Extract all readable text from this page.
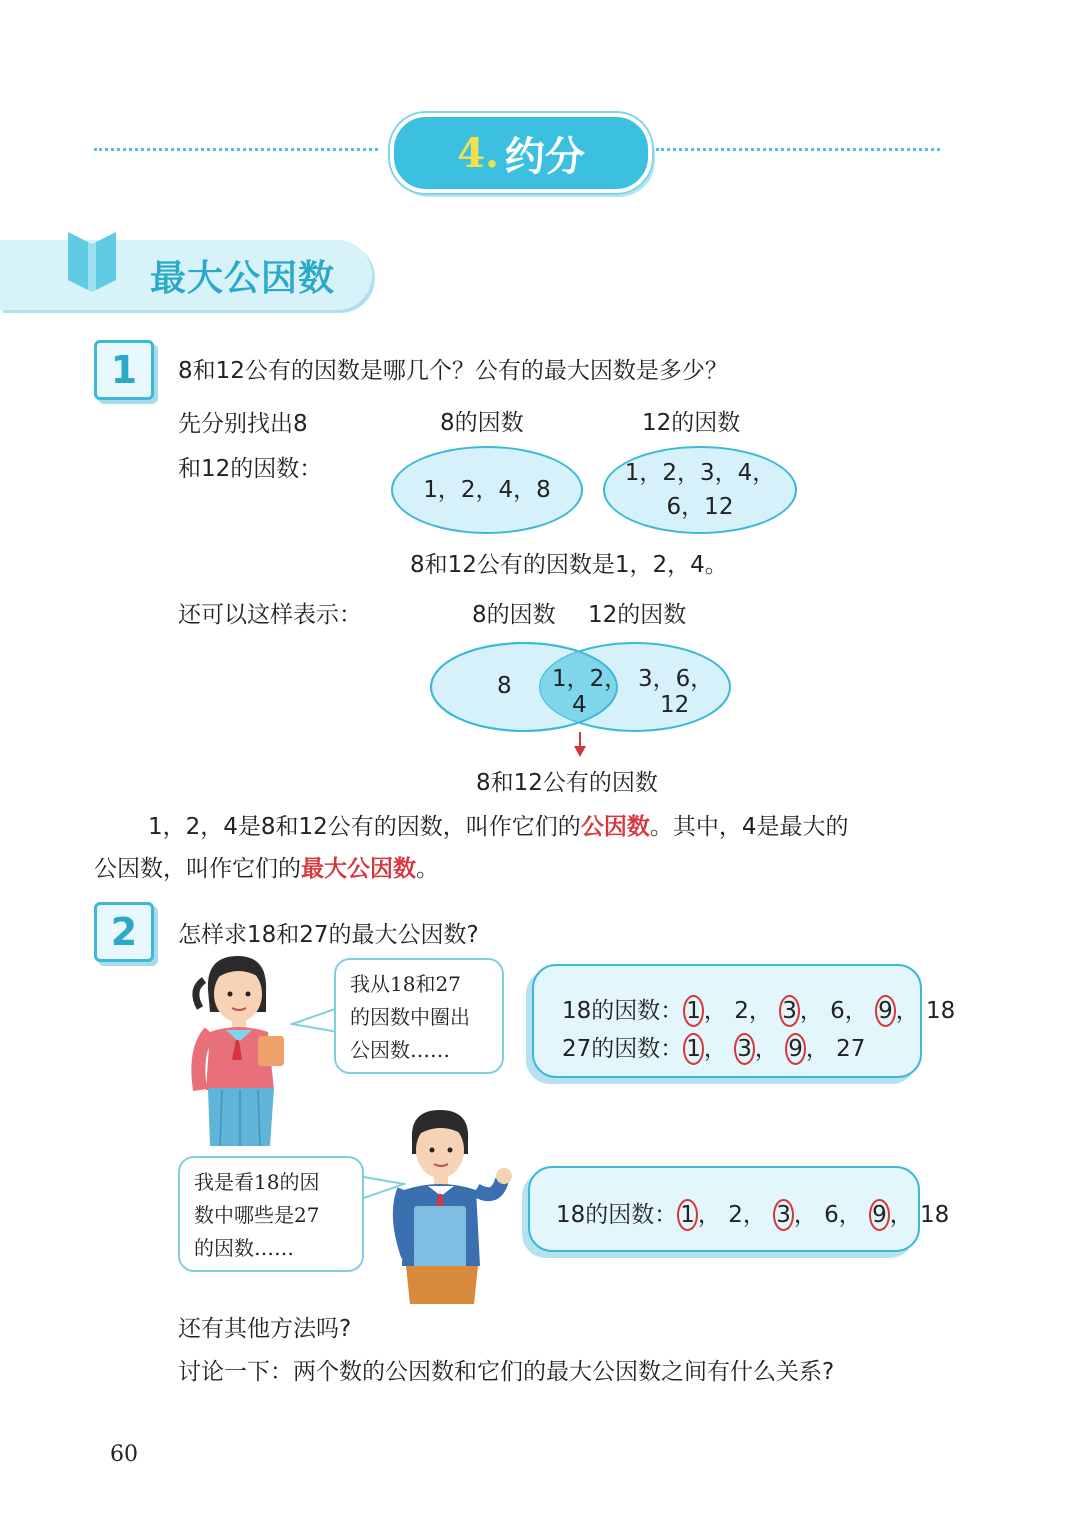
4. 约分
最大公因数
1	8和12公有的因数是哪几个？公有的最大因数是多少？
先分别找出8
和12的因数：
8的因数	12的因数
1，2，4，8
1，2，3，4，
6，12
8和12公有的因数是1，2，4。
还可以这样表示：	8的因数 12的因数
8 1，2，
4
3，6，
12
8和12公有的因数
1，2，4是8和12公有的因数，叫作它们的公因数。其中，4是最大的
公因数，叫作它们的最大公因数。
2	怎样求18和27的最大公因数?
我从18和27
的因数中圈出
公因数……
18的因数： 1 ， 2， 3 ， 6， 9 ， 18
27的因数： 1 ， 3 ， 9 ， 27
我是看18的因
数中哪些是27
的因数……
18的因数： 1 ， 2， 3 ， 6， 9 ， 18
还有其他方法吗?
讨论一下：两个数的公因数和它们的最大公因数之间有什么关系?
60
